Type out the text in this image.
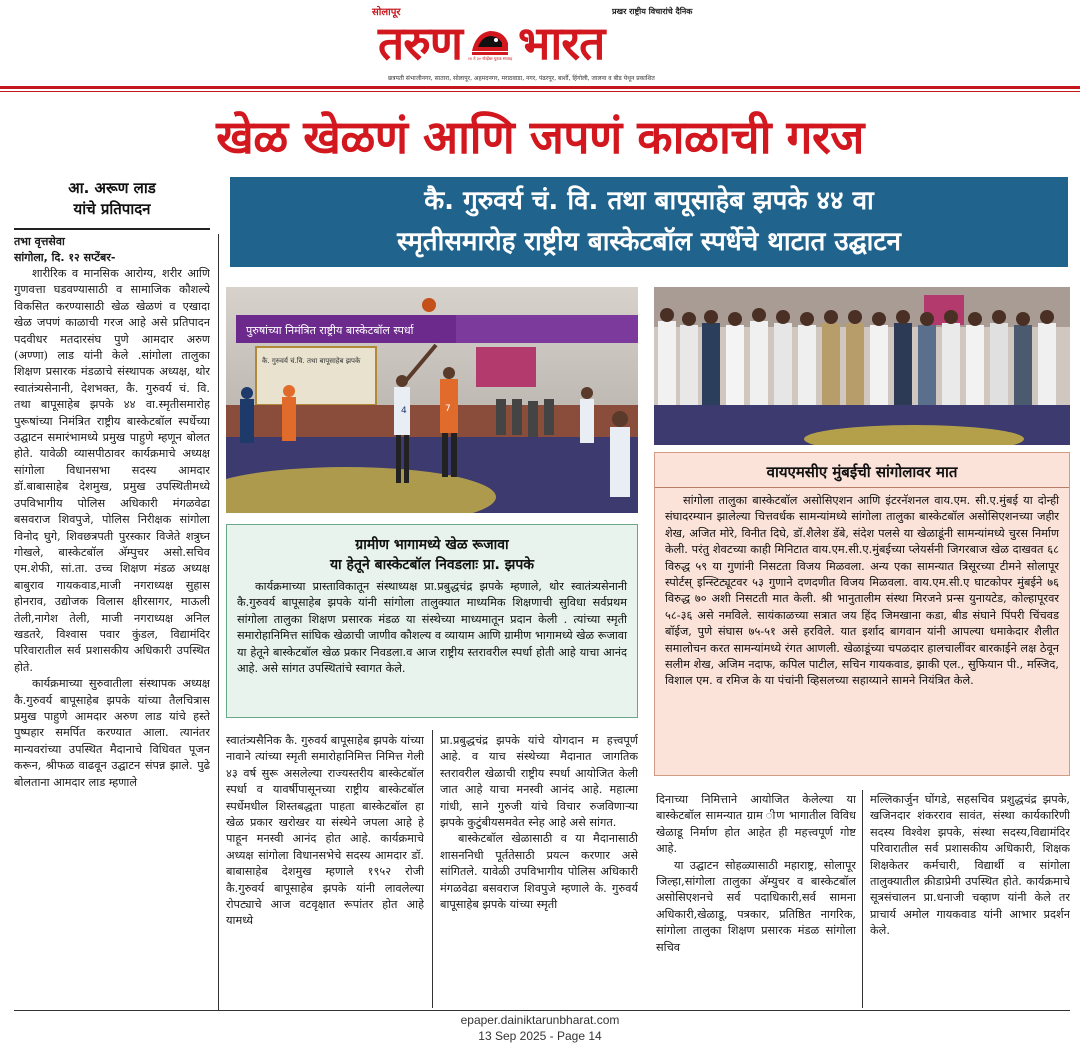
सोलापूर	प्रखर राष्ट्रीय विचारांचे दैनिक
तरुण	२४ ते ३० नोव्हेंबर युवक सप्ताह भारत
छत्रपती संभाजीनगर, सातारा, सोलापूर, अहमदनगर, मराठवाडा, नगर, पंढरपूर, बार्शी, हिंगोली, जालना व बीड येथून प्रकाशित
खेळ खेळणं आणि जपणं काळाची गरज
आ. अरूण लाड
यांचे प्रतिपादन	कै. गुरुवर्य चं. वि. तथा बापूसाहेब झपके ४४ वा
स्मृतीसमारोह राष्ट्रीय बास्केटबॉल स्पर्धेचे थाटात उद्घाटन
तभा वृत्तसेवा
सांगोला, दि. १२ सप्टेंबर-

शारीरिक व मानसिक आरोग्य, शरीर आणि गुणवत्ता घडवण्यासाठी व सामाजिक कौशल्ये विकसित करण्यासाठी खेळ खेळणं व एखादा खेळ जपणं काळाची गरज आहे असे प्रतिपादन पदवीधर मतदारसंघ पुणे आमदार अरुण (अण्णा) लाड यांनी केले .सांगोला तालुका शिक्षण प्रसारक मंडळाचे संस्थापक अध्यक्ष, थोर स्वातंत्र्यसेनानी, देशभक्त, कै. गुरुवर्य चं. वि. तथा बापूसाहेब झपके ४४ वा.स्मृतीसमारोह पुरूषांच्या निमंत्रित राष्ट्रीय बास्केटबॉल स्पर्धेच्या उद्घाटन समारंभामध्ये प्रमुख पाहुणे म्हणून बोलत होते. यावेळी व्यासपीठावर कार्यक्रमाचे अध्यक्ष सांगोला विधानसभा सदस्य आमदार डॉ.बाबासाहेब देशमुख, प्रमुख उपस्थितीमध्ये उपविभागीय पोलिस अधिकारी मंगळवेढा बसवराज शिवपुजे, पोलिस निरीक्षक सांगोला विनोद घुगे, शिवछत्रपती पुरस्कार विजेते शत्रुघ्न गोखले, बास्केटबॉल अ‍ॅम्पुचर असो.सचिव एम.शेफी, सां.ता. उच्च शिक्षण मंडळ अध्यक्ष बाबुराव गायकवाड,माजी नगराध्यक्ष सुहास होनराव, उद्योजक विलास क्षीरसागर, माऊली तेली,नागेश तेली, माजी नगराध्यक्ष अनिल खडतरे, विश्वास पवार कुंडल, विद्यामंदिर परिवारातील सर्व प्रशासकीय अधिकारी उपस्थित होते.

कार्यक्रमाच्या सुरुवातीला संस्थापक अध्यक्ष कै.गुरुवर्य बापूसाहेब झपके यांच्या तैलचित्रास प्रमुख पाहुणे आमदार अरुण लाड यांचे हस्ते पुष्पहार समर्पित करण्यात आला. त्यानंतर मान्यवरांच्या उपस्थित मैदानाचे विधिवत पूजन करून, श्रीफळ वाढवून उद्घाटन संपन्न झाले. पुढे बोलताना आमदार लाड म्हणाले

पुरुषांच्या निमंत्रित राष्ट्रीय बास्केटबॉल स्पर्धा
कै. गुरुवर्य चं.वि. तथा बापूसाहेब झपके
4	7
ग्रामीण भागामध्ये खेळ रूजावा
या हेतूने बास्केटबॉल निवडलाः प्रा. झपके
कार्यक्रमाच्या प्रास्ताविकातून संस्थाध्यक्ष प्रा.प्रबुद्धचंद्र झपके म्हणाले, थोर स्वातंत्र्यसेनानी कै.गुरुवर्य बापूसाहेब झपके यांनी सांगोला तालुक्यात माध्यमिक शिक्षणाची सुविधा सर्वप्रथम सांगोला तालुका शिक्षण प्रसारक मंडळ या संस्थेच्या माध्यमातून प्रदान केली . त्यांच्या स्मृती समारोहानिमित्त सांघिक खेळाची जाणीव कौशल्य व व्यायाम आणि ग्रामीण भागामध्ये खेळ रूजावा या हेतूने बास्केटबॉल खेळ प्रकार निवडला.व आज राष्ट्रीय स्तरावरील स्पर्धा होती आहे याचा आनंद आहे. असे सांगत उपस्थितांचे स्वागत केले.
वायएमसीए मुंबईची सांगोलावर मात
सांगोला तालुका बास्केटबॉल असोसिएशन आणि इंटरनॅशनल वाय.एम. सी.ए.मुंबई या दोन्ही संघादरम्यान झालेल्या चित्तवर्धक सामन्यांमध्ये सांगोला तालुका बास्केटबॉल असोसिएशनच्या जहीर शेख, अजित मोरे, विनीत दिघे, डॉ.शैलेश डॅबे, संदेश पलसे या खेळाडूंनी सामन्यांमध्ये चुरस निर्माण केली. परंतु शेवटच्या काही मिनिटात वाय.एम.सी.ए.मुंबईच्या प्लेयर्सनी जिगरबाज खेळ दाखवत ६८ विरुद्ध ५९ या गुणांनी निसटता विजय मिळवला. अन्य एका सामन्यात त्रिसूरच्या टीमने सोलापूर स्पोर्टस् इन्स्टिट्यूटवर ५३ गुणाने दणदणीत विजय मिळवला. वाय.एम.सी.ए घाटकोपर मुंबईने ७६ विरुद्ध ७० अशी निसटती मात केली. श्री भानुतालीम संस्था मिरजने प्रन्स युनायटेड, कोल्हापूरवर ५८-३६ असे नमविले. सायंकाळच्या सत्रात जय हिंद जिमखाना कडा, बीड संघाने पिंपरी चिंचवड बॉईज, पुणे संघास ७५-५१ असे हरविले. यात इर्शाद बागवान यांनी आपल्या धमाकेदार शैलीत समालोचन करत सामन्यांमध्ये रंगत आणली. खेळाडूंच्या चपळदार हालचालींवर बारकाईने लक्ष ठेवून सलीम शेख, अजिम नदाफ, कपिल पाटील, सचिन गायकवाड, झाकी एल., सुफियान पी., मस्जिद, विशाल एम. व रमिज के या पंचांनी व्हिसलच्या सहाय्याने सामने नियंत्रित केले.

स्वातंत्र्यसैनिक कै. गुरुवर्य बापूसाहेब झपके यांच्या नावाने त्यांच्या स्मृती समारोहानिमित्त निमित्त गेली ४३ वर्ष सुरू असलेल्या राज्यस्तरीय बास्केटबॉल स्पर्धा व यावर्षीपासूनच्या राष्ट्रीय बास्केटबॉल स्पर्धेमधील शिस्तबद्धता पाहता बास्केटबॉल हा खेळ प्रकार खरोखर या संस्थेने जपला आहे हे पाहून मनस्वी आनंद होत आहे. कार्यक्रमाचे अध्यक्ष सांगोला विधानसभेचे सदस्य आमदार डॉ. बाबासाहेब देशमुख म्हणाले १९५२ रोजी कै.गुरुवर्य बापूसाहेब झपके यांनी लावलेल्या रोपट्याचे आज वटवृक्षात रूपांतर होत आहे यामध्ये

प्रा.प्रबुद्धचंद्र झपके यांचे योगदान म हत्त्वपूर्ण आहे. व याच संस्थेच्या मैदानात जागतिक स्तरावरील खेळाची राष्ट्रीय स्पर्धा आयोजित केली जात आहे याचा मनस्वी आनंद आहे. महात्मा गांधी, साने गुरुजी यांचे विचार रुजविणाऱ्या झपके कुटुंबीयसमवेत स्नेह आहे असे सांगत.

बास्केटबॉल खेळासाठी व या मैदानासाठी शासननिधी पूर्ततेसाठी प्रयत्न करणार असे सांगितले. यावेळी उपविभागीय पोलिस अधिकारी मंगळवेढा बसवराज शिवपुजे म्हणाले के. गुरुवर्य बापूसाहेब झपके यांच्या स्मृती

दिनाच्या निमित्ताने आयोजित केलेल्या या बास्केटबॉल सामन्यात ग्राम ीण भागातील विविध खेळाडू निर्माण होत आहेत ही महत्त्वपूर्ण गोष्ट आहे.

या उद्घाटन सोहळ्यासाठी महाराष्ट्र, सोलापूर जिल्हा,सांगोला तालुका अ‍ॅम्युचर व बास्केटबॉल असोसिएशनचे सर्व पदाधिकारी,सर्व सामना अधिकारी,खेळाडू, पत्रकार, प्रतिष्ठित नागरिक, सांगोला तालुका शिक्षण प्रसारक मंडळ सांगोला सचिव

मल्लिकार्जुन घोंगडे, सहसचिव प्रशुद्धचंद्र झपके, खजिनदार शंकरराव सावंत, संस्था कार्यकारिणी सदस्य विश्वेश झपके, संस्था सदस्य,विद्यामंदिर परिवारातील सर्व प्रशासकीय अधिकारी, शिक्षक शिक्षकेतर कर्मचारी, विद्यार्थी व सांगोला तालुक्यातील क्रीडाप्रेमी उपस्थित होते. कार्यक्रमाचे सूत्रसंचालन प्रा.धनाजी चव्हाण यांनी केले तर प्राचार्य अमोल गायकवाड यांनी आभार प्रदर्शन केले.

epaper.dainiktarunbharat.com
13 Sep 2025 - Page 14
